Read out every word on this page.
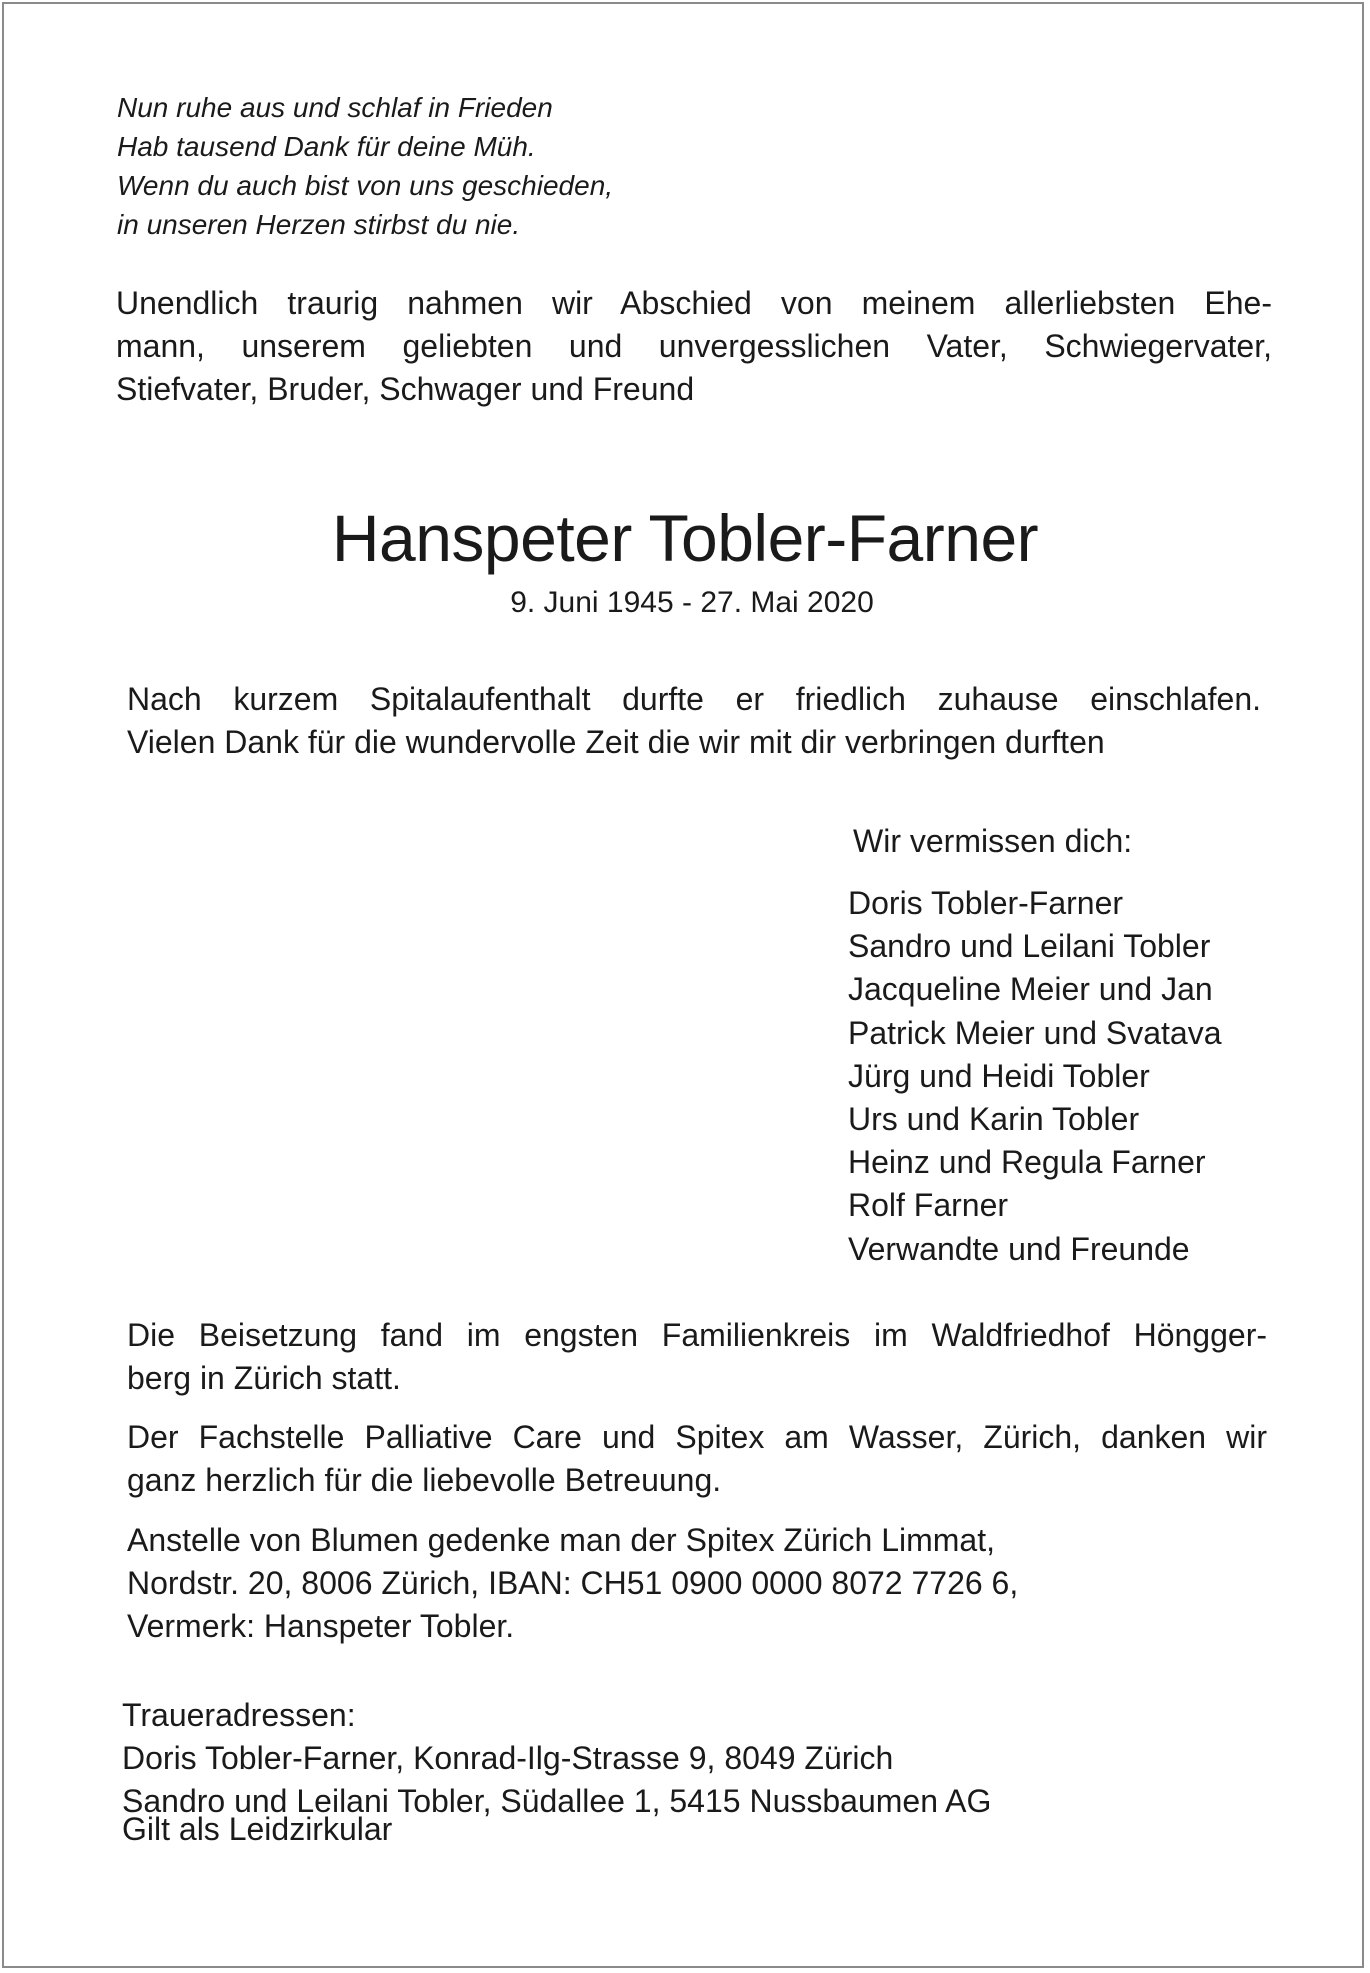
Nun ruhe aus und schlaf in Frieden
Hab tausend Dank für deine Müh.
Wenn du auch bist von uns geschieden,
in unseren Herzen stirbst du nie.
Unendlich traurig nahmen wir Abschied von meinem allerliebsten Ehe-
mann, unserem geliebten und unvergesslichen Vater, Schwiegervater,
Stiefvater, Bruder, Schwager und Freund
Hanspeter Tobler-Farner
9. Juni 1945 - 27. Mai 2020
Nach kurzem Spitalaufenthalt durfte er friedlich zuhause einschlafen.
Vielen Dank für die wundervolle Zeit die wir mit dir verbringen durften
Wir vermissen dich:
Doris Tobler-Farner
Sandro und Leilani Tobler
Jacqueline Meier und Jan
Patrick Meier und Svatava
Jürg und Heidi Tobler
Urs und Karin Tobler
Heinz und Regula Farner
Rolf Farner
Verwandte und Freunde
Die Beisetzung fand im engsten Familienkreis im Waldfriedhof Höngger-
berg in Zürich statt.
Der Fachstelle Palliative Care und Spitex am Wasser, Zürich, danken wir
ganz herzlich für die liebevolle Betreuung.
Anstelle von Blumen gedenke man der Spitex Zürich Limmat,
Nordstr. 20, 8006 Zürich, IBAN: CH51 0900 0000 8072 7726 6,
Vermerk: Hanspeter Tobler.
Traueradressen:
Doris Tobler-Farner, Konrad-Ilg-Strasse 9, 8049 Zürich
Sandro und Leilani Tobler, Südallee 1, 5415 Nussbaumen AG
Gilt als Leidzirkular
